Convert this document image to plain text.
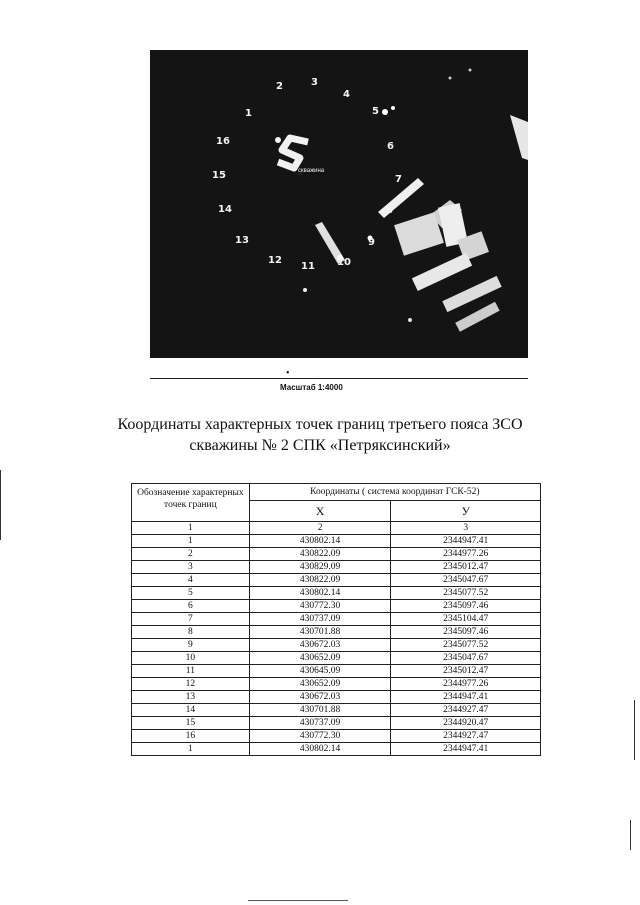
скважина
1
2	3
4
5
6
7
8
9
10
11
12
13
14
15
16
•
Масштаб 1:4000
Координаты характерных точек границ третьего пояса ЗСО
скважины № 2 СПК «Петряксинский»
Обозначение характерных точек границ	Координаты ( система координат ГСК-52)	
	X	У
1	2	3
1	430802.14	2344947.41
2	430822.09	2344977.26
3	430829.09	2345012.47
4	430822.09	2345047.67
5	430802.14	2345077.52
6	430772.30	2345097.46
7	430737.09	2345104.47
8	430701.88	2345097.46
9	430672.03	2345077.52
10	430652.09	2345047.67
11	430645.09	2345012.47
12	430652.09	2344977.26
13	430672.03	2344947.41
14	430701.88	2344927.47
15	430737.09	2344920.47
16	430772.30	2344927.47
1	430802.14	2344947.41
